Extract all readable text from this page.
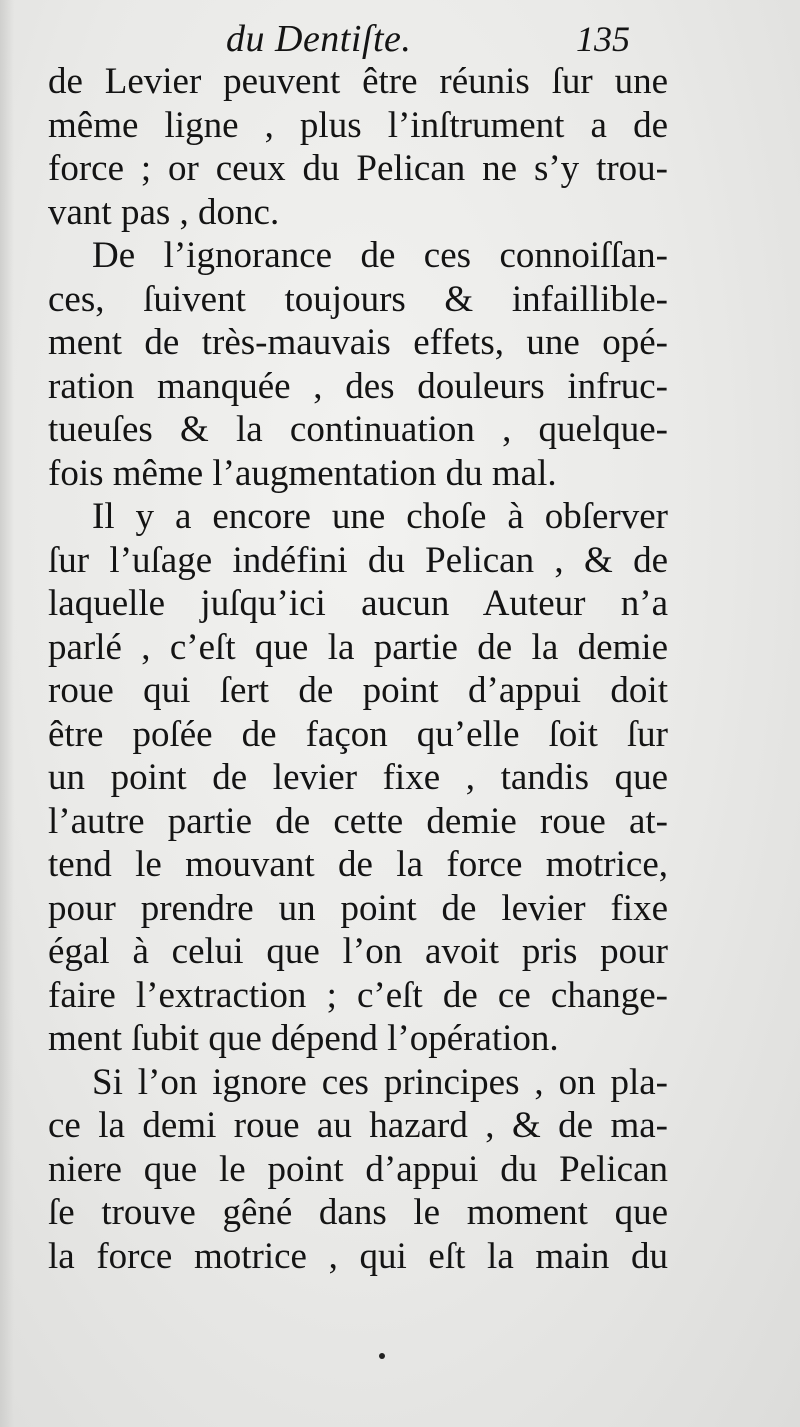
du Dentiſte.	135
de Levier peuvent être réunis ſur une
même ligne , plus l’inſtrument a de
force ; or ceux du Pelican ne s’y trou-
vant pas , donc.
De l’ignorance de ces connoiſſan-
ces, ſuivent toujours & infaillible-
ment de très-mauvais effets, une opé-
ration manquée , des douleurs infruc-
tueuſes & la continuation , quelque-
fois même l’augmentation du mal.
Il y a encore une choſe à obſerver
ſur l’uſage indéfini du Pelican , & de
laquelle juſqu’ici aucun Auteur n’a
parlé , c’eſt que la partie de la demie
roue qui ſert de point d’appui doit
être poſée de façon qu’elle ſoit ſur
un point de levier fixe , tandis que
l’autre partie de cette demie roue at-
tend le mouvant de la force motrice,
pour prendre un point de levier fixe
égal à celui que l’on avoit pris pour
faire l’extraction ; c’eſt de ce change-
ment ſubit que dépend l’opération.
Si l’on ignore ces principes , on pla-
ce la demi roue au hazard , & de ma-
niere que le point d’appui du Pelican
ſe trouve gêné dans le moment que
la force motrice , qui eſt la main du
